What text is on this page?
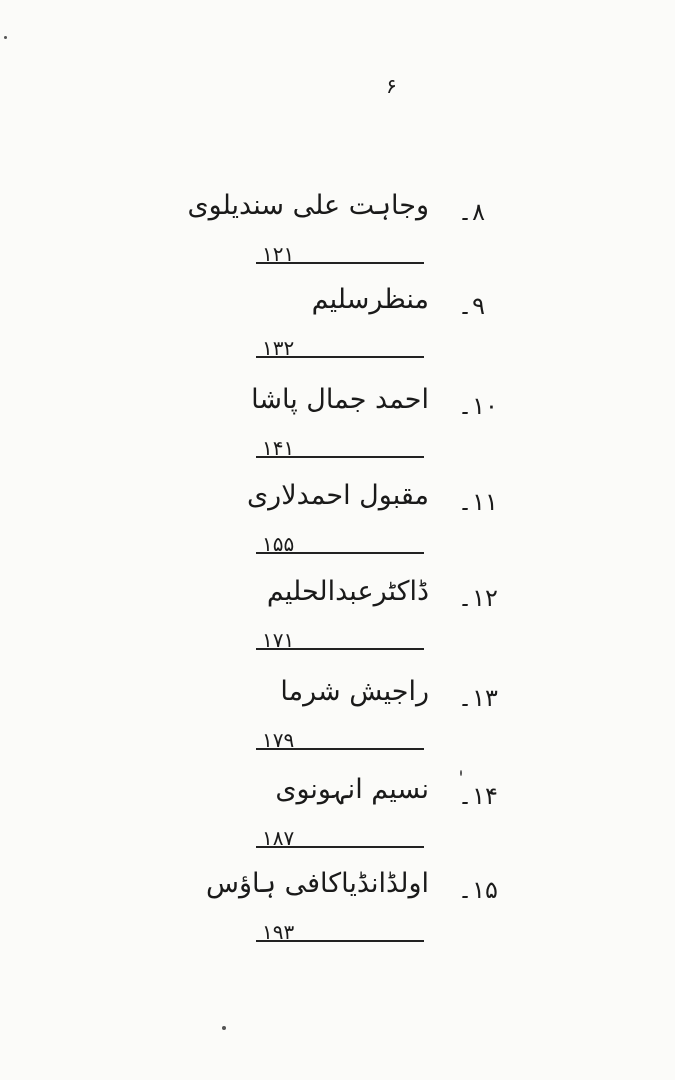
۶
۸۔
وجاہت علی سندیلوی
۱۲۱
۹۔
منظرسلیم
۱۳۲
۱۰۔
احمد جمال پاشا
۱۴۱
۱۱۔
مقبول احمدلاری
۱۵۵
۱۲۔
ڈاکٹرعبدالحلیم
۱۷۱
۱۳۔
راجیش شرما
۱۷۹
۱۴۔
نسیم انہونوی
۱۸۷
۱۵۔
اولڈانڈیاکافی ہاؤس
۱۹۳
